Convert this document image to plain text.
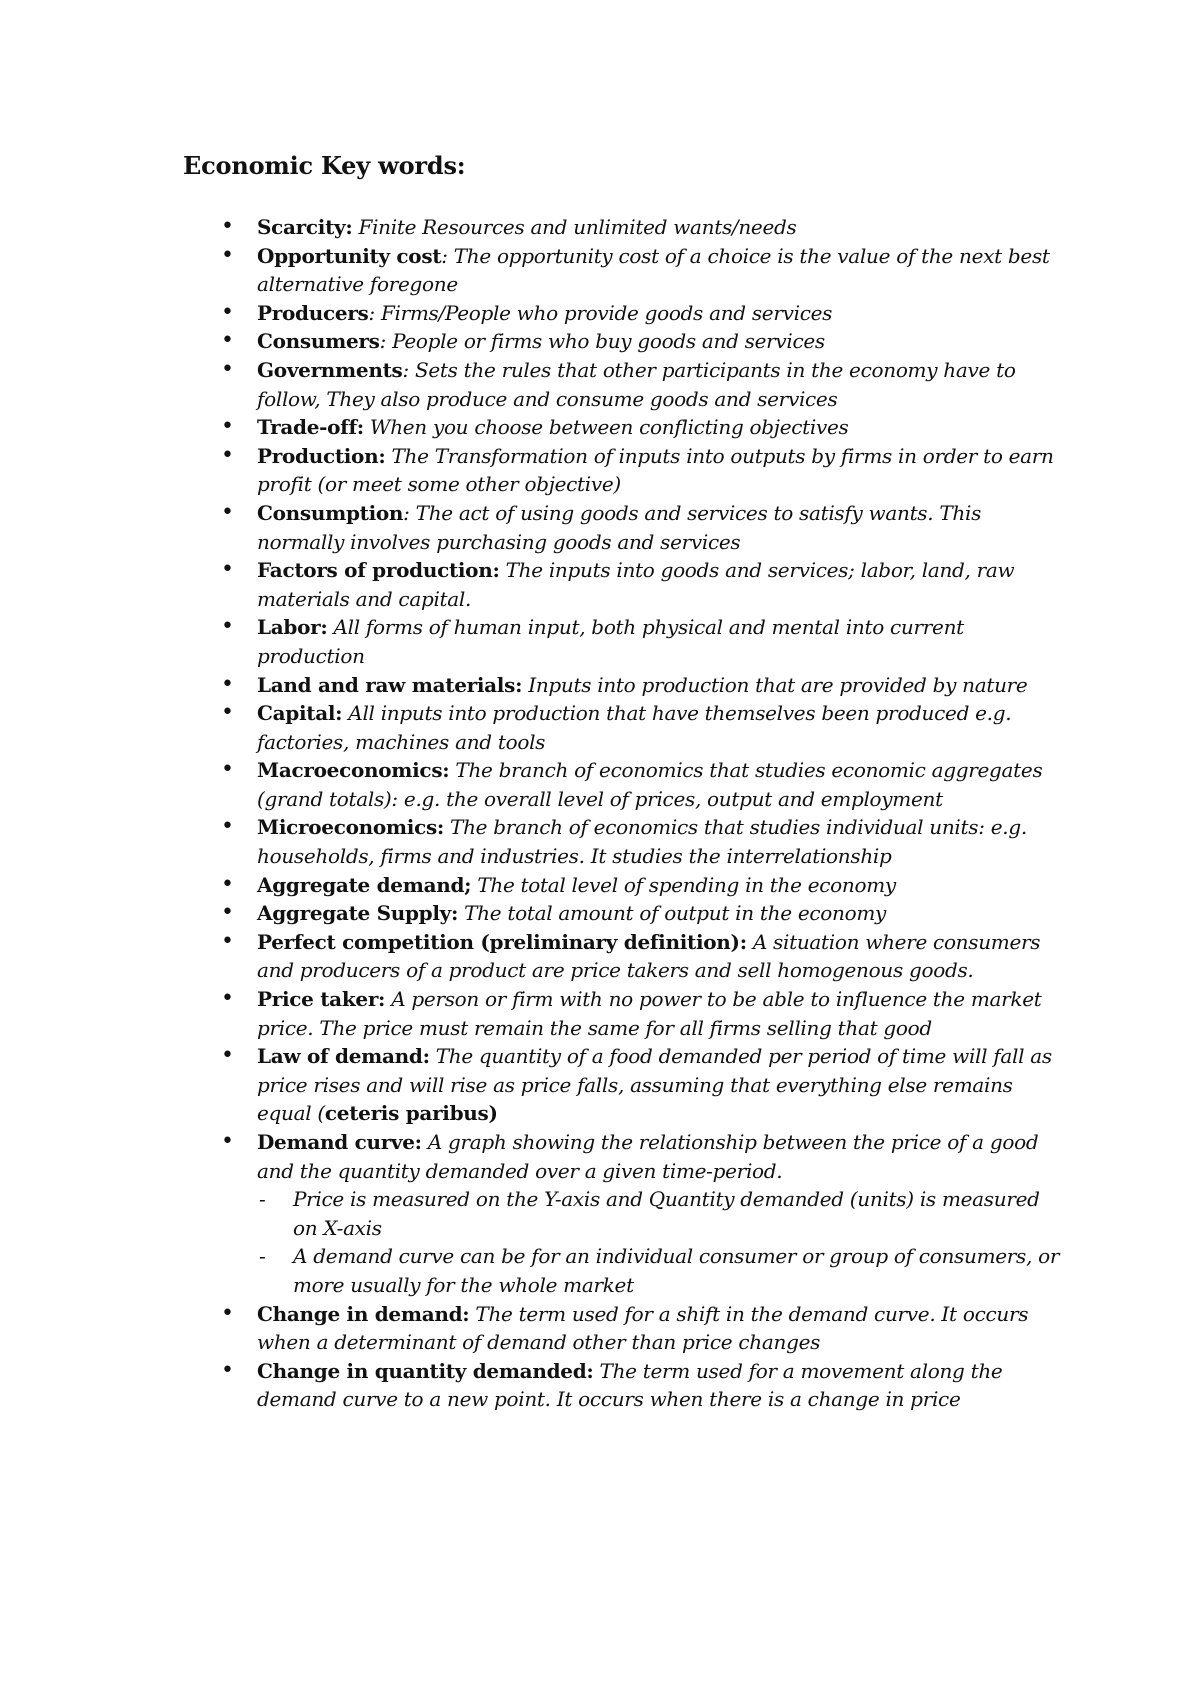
Economic Key words:
• Scarcity: Finite Resources and unlimited wants/needs
• Opportunity cost: The opportunity cost of a choice is the value of the next best alternative foregone
• Producers: Firms/People who provide goods and services
• Consumers: People or firms who buy goods and services
• Governments: Sets the rules that other participants in the economy have to follow, They also produce and consume goods and services
• Trade-off: When you choose between conflicting objectives
• Production: The Transformation of inputs into outputs by firms in order to earn profit (or meet some other objective)
• Consumption: The act of using goods and services to satisfy wants. This normally involves purchasing goods and services
• Factors of production: The inputs into goods and services; labor, land, raw materials and capital.
• Labor: All forms of human input, both physical and mental into current production
• Land and raw materials: Inputs into production that are provided by nature
• Capital: All inputs into production that have themselves been produced e.g. factories, machines and tools
• Macroeconomics: The branch of economics that studies economic aggregates (grand totals): e.g. the overall level of prices, output and employment
• Microeconomics: The branch of economics that studies individual units: e.g. households, firms and industries. It studies the interrelationship
• Aggregate demand; The total level of spending in the economy
• Aggregate Supply: The total amount of output in the economy
• Perfect competition (preliminary definition): A situation where consumers and producers of a product are price takers and sell homogenous goods.
• Price taker: A person or firm with no power to be able to influence the market price. The price must remain the same for all firms selling that good
• Law of demand: The quantity of a food demanded per period of time will fall as price rises and will rise as price falls, assuming that everything else remains equal (ceteris paribus)
• Demand curve: A graph showing the relationship between the price of a good and the quantity demanded over a given time-period.
- Price is measured on the Y-axis and Quantity demanded (units) is measured on X-axis
- A demand curve can be for an individual consumer or group of consumers, or more usually for the whole market
• Change in demand: The term used for a shift in the demand curve. It occurs when a determinant of demand other than price changes
• Change in quantity demanded: The term used for a movement along the demand curve to a new point. It occurs when there is a change in price
